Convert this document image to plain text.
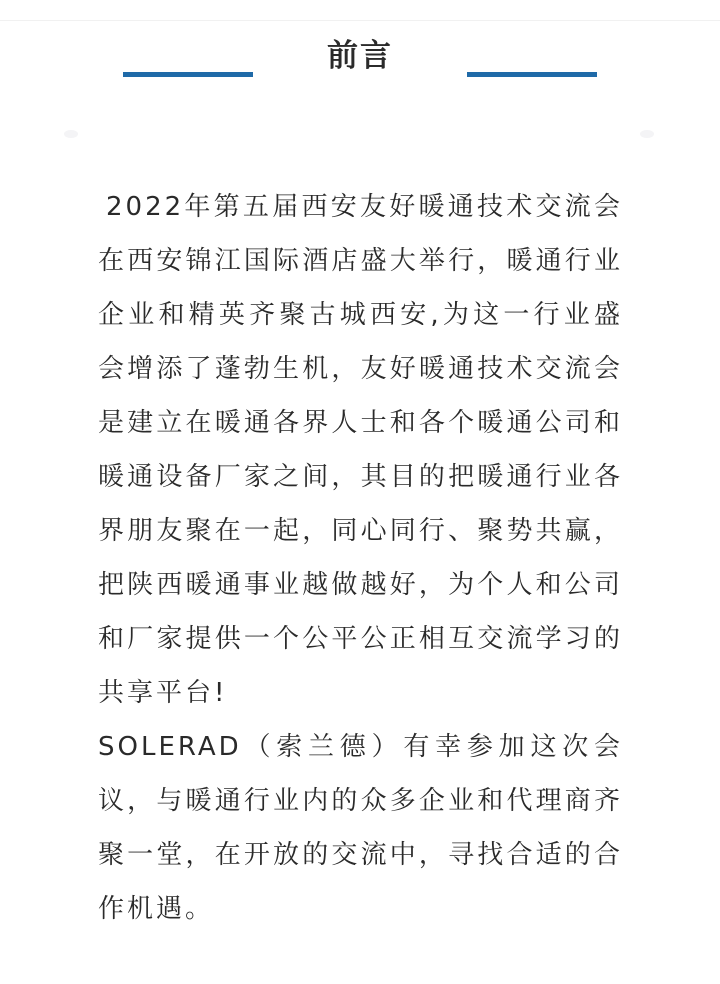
前言

2022年第五届西安友好暖通技术交流会在西安锦江国际酒店盛大举行，暖通行业企业和精英齐聚古城西安,为这一行业盛会增添了蓬勃生机，友好暖通技术交流会是建立在暖通各界人士和各个暖通公司和暖通设备厂家之间，其目的把暖通行业各界朋友聚在一起，同心同行、聚势共赢，把陕西暖通事业越做越好，为个人和公司和厂家提供一个公平公正相互交流学习的共享平台!

SOLERAD（索兰德）有幸参加这次会议，与暖通行业内的众多企业和代理商齐聚一堂，在开放的交流中，寻找合适的合作机遇。
